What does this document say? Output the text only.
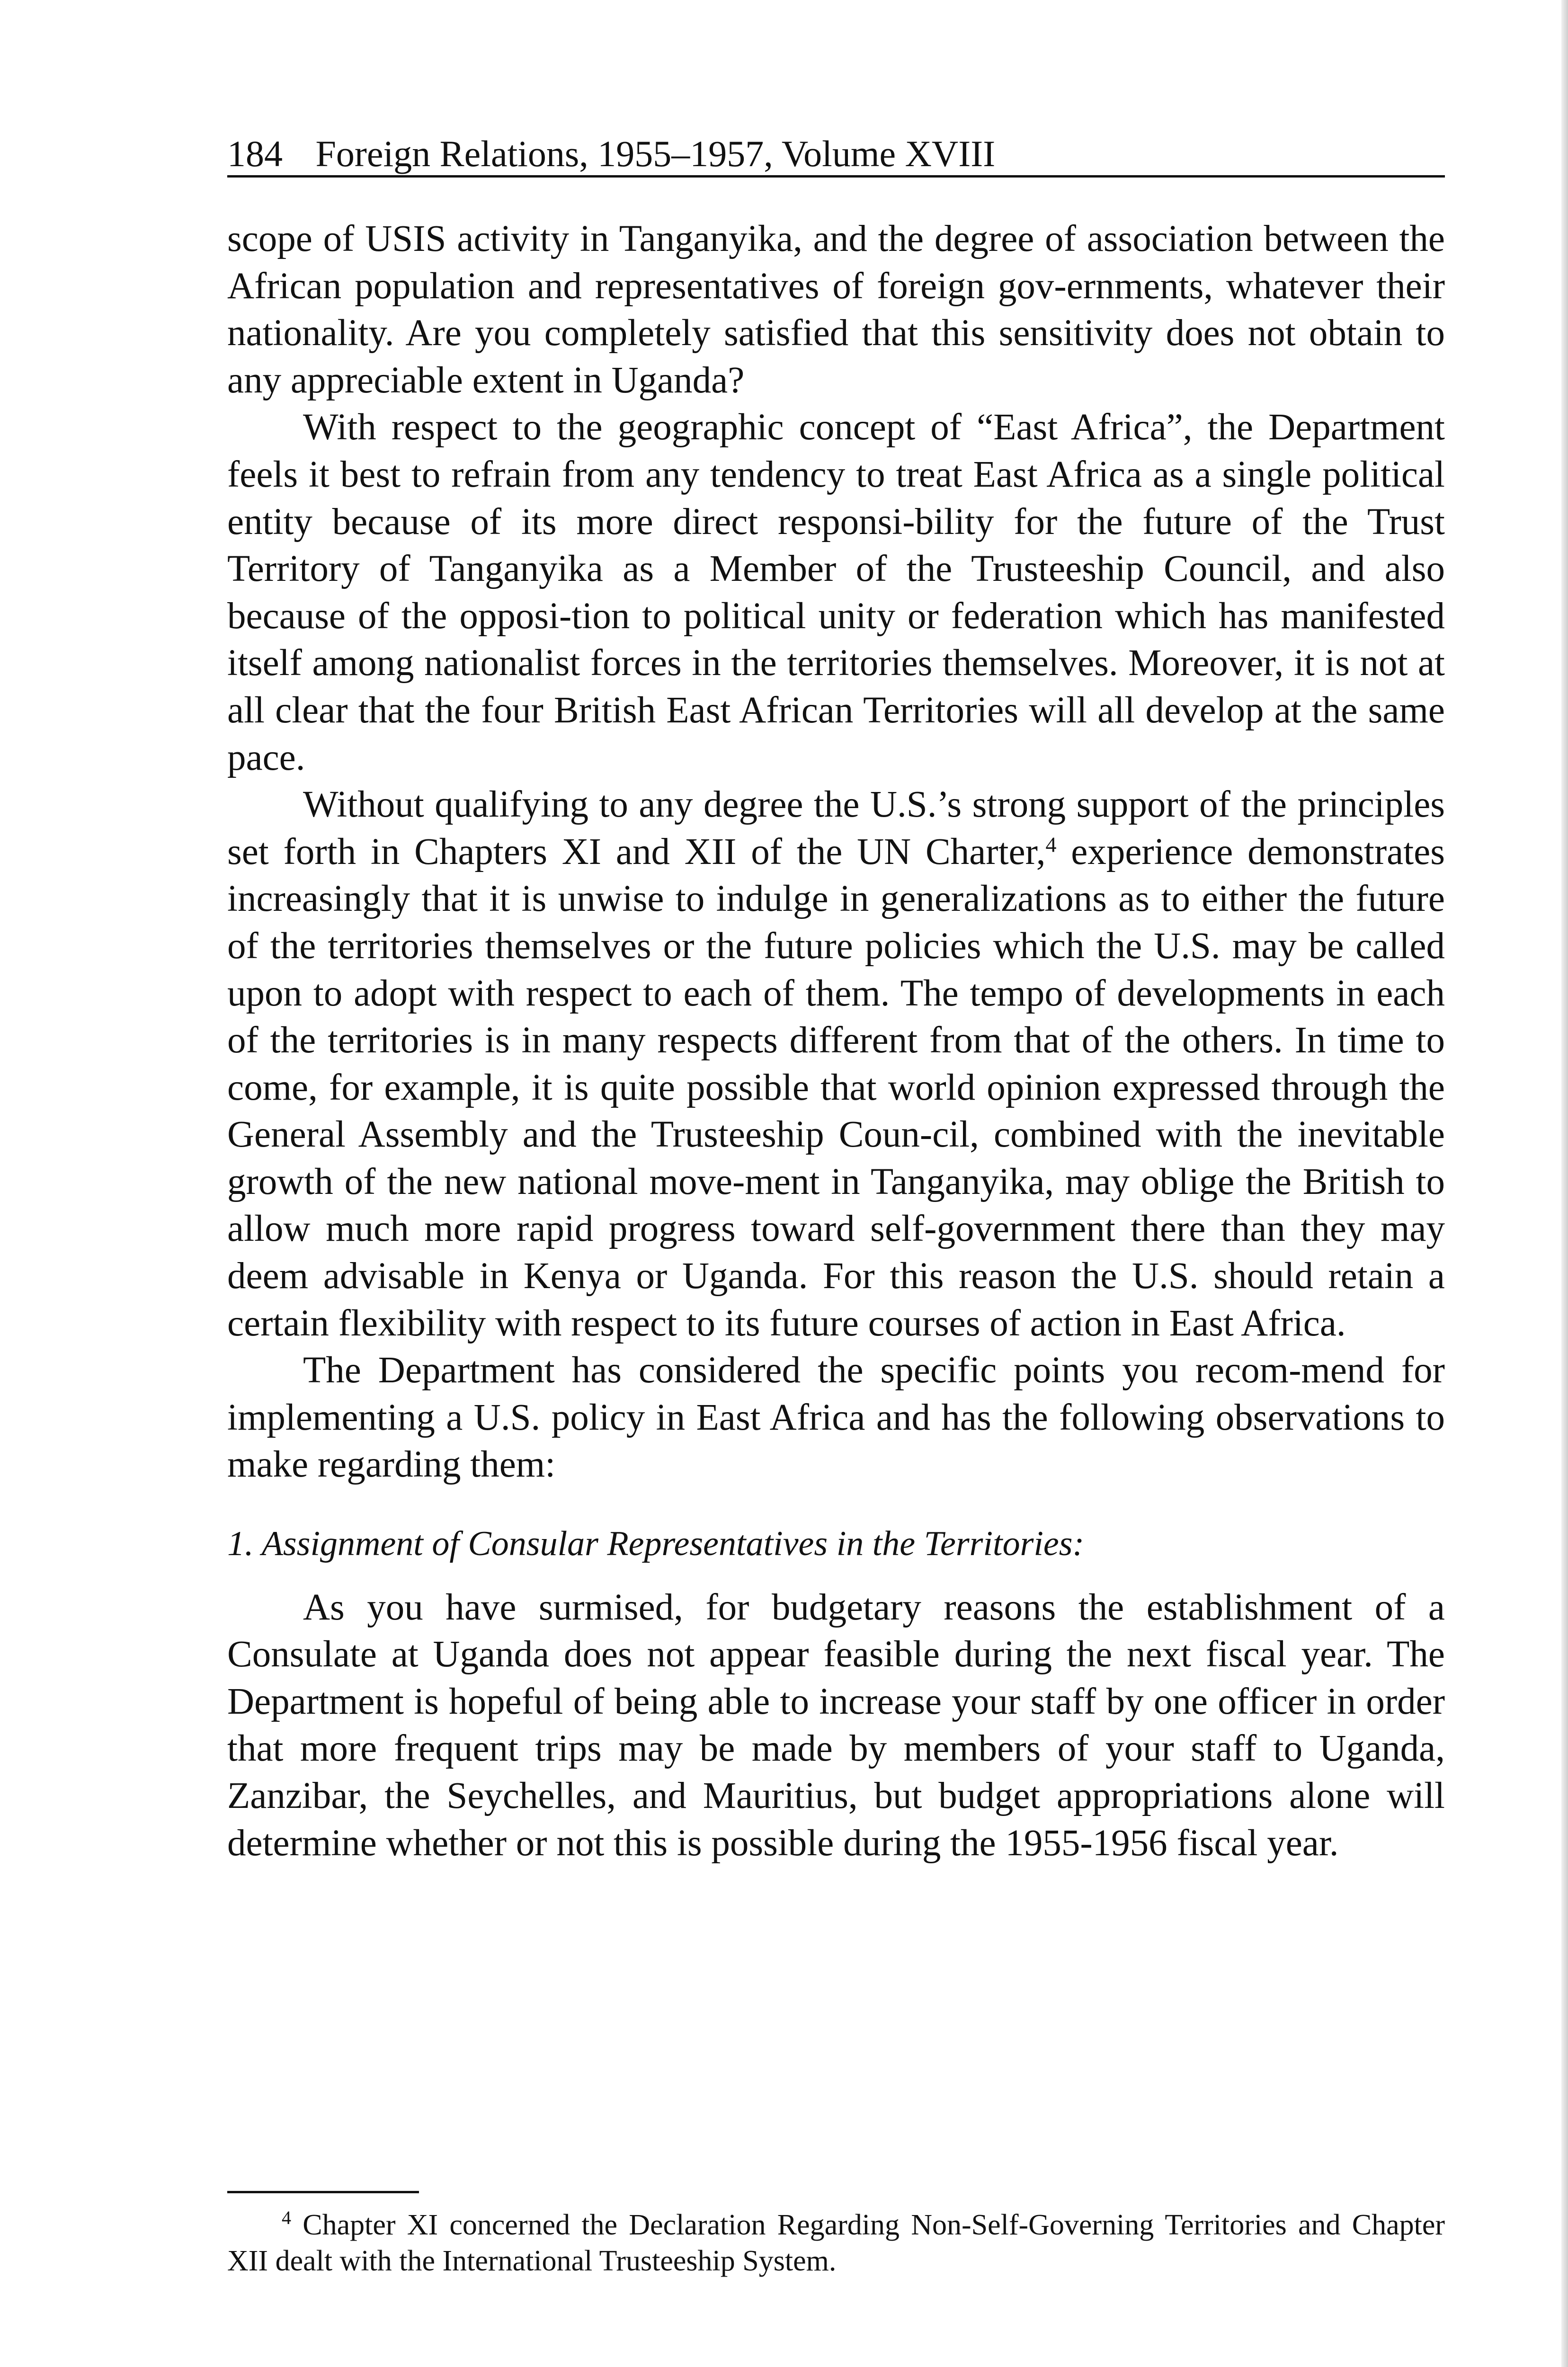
184 Foreign Relations, 1955–1957, Volume XVIII

scope of USIS activity in Tanganyika, and the degree of association between the African population and representatives of foreign gov-ernments, whatever their nationality. Are you completely satisfied that this sensitivity does not obtain to any appreciable extent in Uganda?

With respect to the geographic concept of “East Africa”, the Department feels it best to refrain from any tendency to treat East Africa as a single political entity because of its more direct responsi-bility for the future of the Trust Territory of Tanganyika as a Member of the Trusteeship Council, and also because of the opposi-tion to political unity or federation which has manifested itself among nationalist forces in the territories themselves. Moreover, it is not at all clear that the four British East African Territories will all develop at the same pace.

Without qualifying to any degree the U.S.’s strong support of the principles set forth in Chapters XI and XII of the UN Charter,$^4$ experience demonstrates increasingly that it is unwise to indulge in generalizations as to either the future of the territories themselves or the future policies which the U.S. may be called upon to adopt with respect to each of them. The tempo of developments in each of the territories is in many respects different from that of the others. In time to come, for example, it is quite possible that world opinion expressed through the General Assembly and the Trusteeship Coun-cil, combined with the inevitable growth of the new national move-ment in Tanganyika, may oblige the British to allow much more rapid progress toward self-government there than they may deem advisable in Kenya or Uganda. For this reason the U.S. should retain a certain flexibility with respect to its future courses of action in East Africa.

The Department has considered the specific points you recom-mend for implementing a U.S. policy in East Africa and has the following observations to make regarding them:

1. Assignment of Consular Representatives in the Territories:

As you have surmised, for budgetary reasons the establishment of a Consulate at Uganda does not appear feasible during the next fiscal year. The Department is hopeful of being able to increase your staff by one officer in order that more frequent trips may be made by members of your staff to Uganda, Zanzibar, the Seychelles, and Mauritius, but budget appropriations alone will determine whether or not this is possible during the 1955-1956 fiscal year.

$^4$ Chapter XI concerned the Declaration Regarding Non-Self-Governing Territories and Chapter XII dealt with the International Trusteeship System.
